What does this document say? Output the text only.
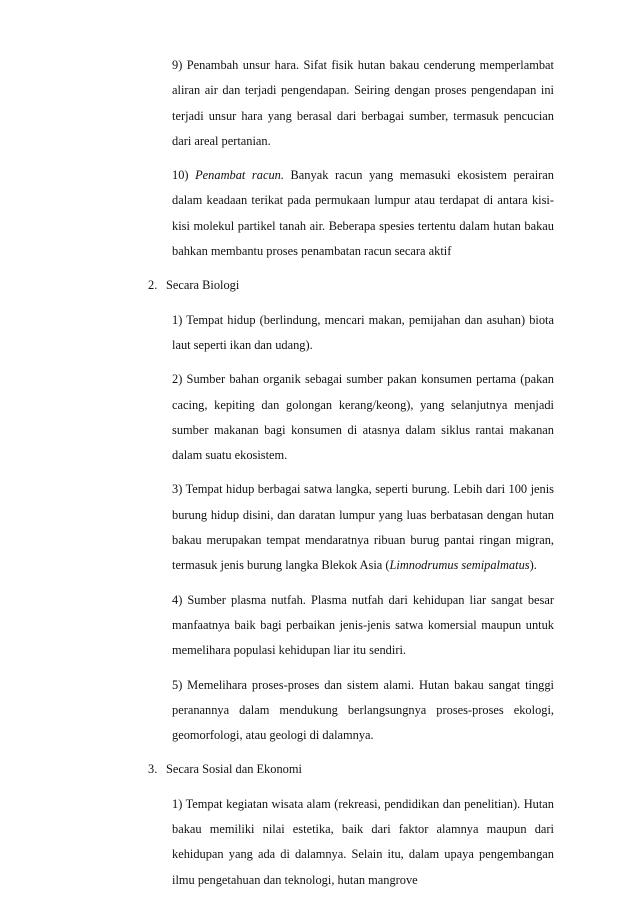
9) Penambah unsur hara. Sifat fisik hutan bakau cenderung memperlambat aliran air dan terjadi pengendapan. Seiring dengan proses pengendapan ini terjadi unsur hara yang berasal dari berbagai sumber, termasuk pencucian dari areal pertanian.

10) Penambat racun. Banyak racun yang memasuki ekosistem perairan dalam keadaan terikat pada permukaan lumpur atau terdapat di antara kisi-kisi molekul partikel tanah air. Beberapa spesies tertentu dalam hutan bakau bahkan membantu proses penambatan racun secara aktif

2. Secara Biologi

1) Tempat hidup (berlindung, mencari makan, pemijahan dan asuhan) biota laut seperti ikan dan udang).

2) Sumber bahan organik sebagai sumber pakan konsumen pertama (pakan cacing, kepiting dan golongan kerang/keong), yang selanjutnya menjadi sumber makanan bagi konsumen di atasnya dalam siklus rantai makanan dalam suatu ekosistem.

3) Tempat hidup berbagai satwa langka, seperti burung. Lebih dari 100 jenis burung hidup disini, dan daratan lumpur yang luas berbatasan dengan hutan bakau merupakan tempat mendaratnya ribuan burug pantai ringan migran, termasuk jenis burung langka Blekok Asia (Limnodrumus semipalmatus).

4) Sumber plasma nutfah. Plasma nutfah dari kehidupan liar sangat besar manfaatnya baik bagi perbaikan jenis-jenis satwa komersial maupun untuk memelihara populasi kehidupan liar itu sendiri.

5) Memelihara proses-proses dan sistem alami. Hutan bakau sangat tinggi peranannya dalam mendukung berlangsungnya proses-proses ekologi, geomorfologi, atau geologi di dalamnya.

3. Secara Sosial dan Ekonomi

1) Tempat kegiatan wisata alam (rekreasi, pendidikan dan penelitian). Hutan bakau memiliki nilai estetika, baik dari faktor alamnya maupun dari kehidupan yang ada di dalamnya. Selain itu, dalam upaya pengembangan ilmu pengetahuan dan teknologi, hutan mangrove
